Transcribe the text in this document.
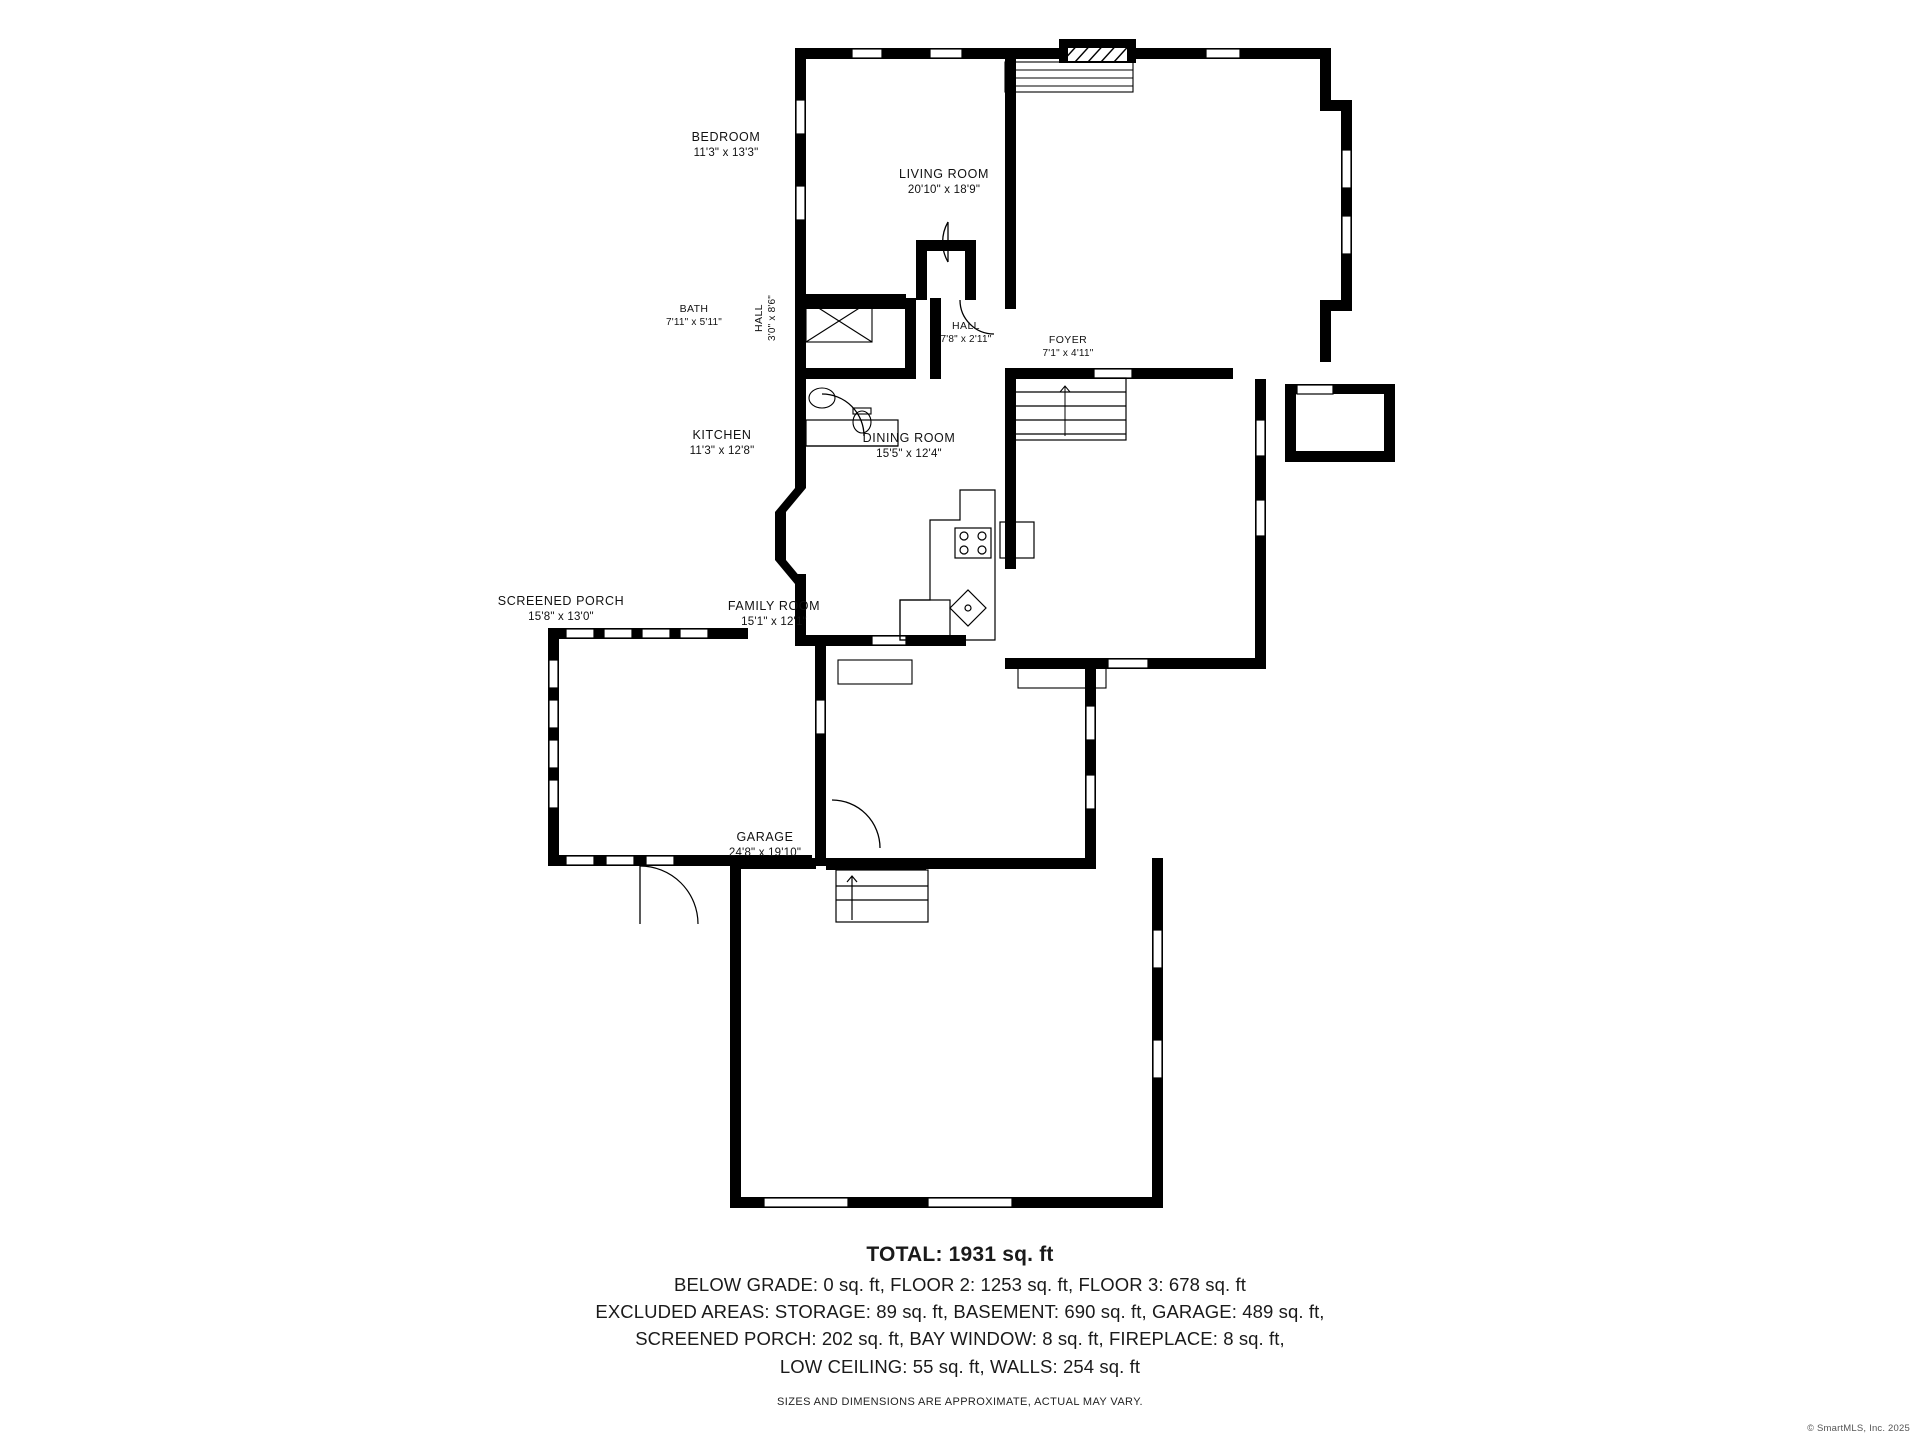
BEDROOM
11'3" x 13'3"
LIVING ROOM
20'10" x 18'9"
BATH
7'11" x 5'11"	HALL 3'0" x 8'6"	HALL
7'8" x 2'11"	FOYER
7'1" x 4'11"
KITCHEN
11'3" x 12'8"
DINING ROOM
15'5" x 12'4"
SCREENED PORCH
15'8" x 13'0"
FAMILY ROOM
15'1" x 12'1"
GARAGE
24'8" x 19'10"
TOTAL: 1931 sq. ft
BELOW GRADE: 0 sq. ft, FLOOR 2: 1253 sq. ft, FLOOR 3: 678 sq. ft
EXCLUDED AREAS: STORAGE: 89 sq. ft, BASEMENT: 690 sq. ft, GARAGE: 489 sq. ft,
SCREENED PORCH: 202 sq. ft, BAY WINDOW: 8 sq. ft, FIREPLACE: 8 sq. ft,
LOW CEILING: 55 sq. ft, WALLS: 254 sq. ft
SIZES AND DIMENSIONS ARE APPROXIMATE, ACTUAL MAY VARY.
© SmartMLS, Inc. 2025
